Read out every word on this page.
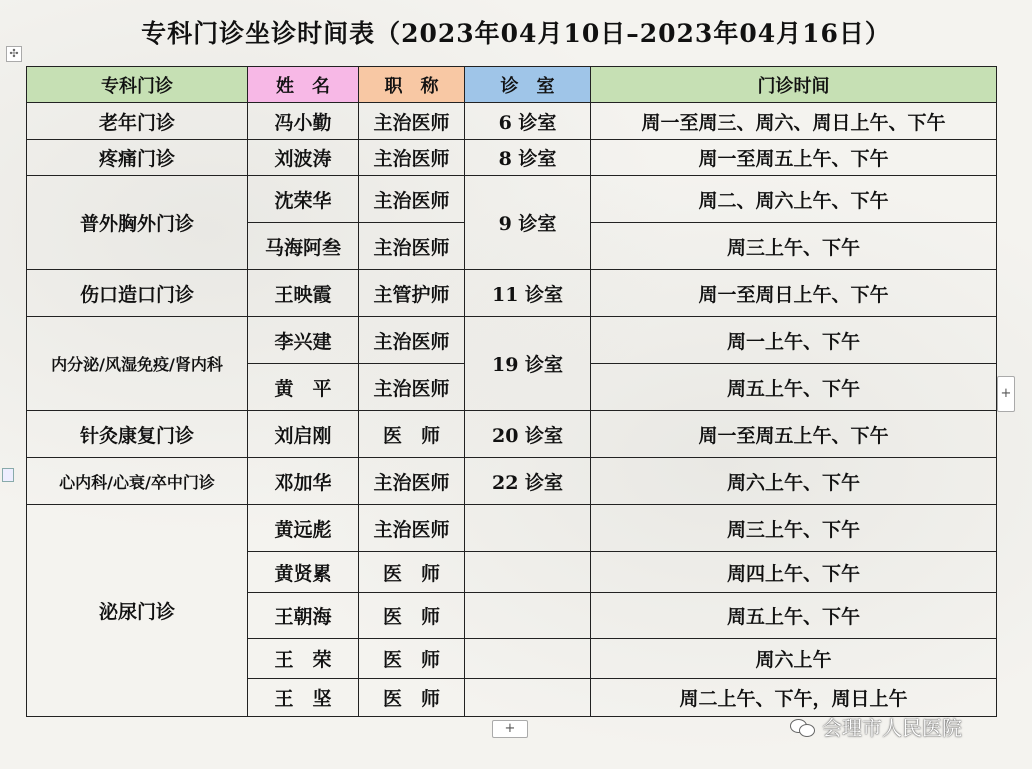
专科门诊坐诊时间表（2023年04月10日–2023年04月16日）
✣
专科门诊	姓　名	职　称	诊　室	门诊时间
老年门诊	冯小勤	主治医师	6 诊室	周一至周三、周六、周日上午、下午
疼痛门诊	刘波涛	主治医师	8 诊室	周一至周五上午、下午
普外胸外门诊	沈荣华	主治医师	9 诊室	周二、周六上午、下午
	马海阿叁	主治医师		周三上午、下午
伤口造口门诊	王映霞	主管护师	11 诊室	周一至周日上午、下午
内分泌/风湿免疫/肾内科	李兴建	主治医师	19 诊室	周一上午、下午
	黄　平	主治医师		周五上午、下午
针灸康复门诊	刘启刚	医　师	20 诊室	周一至周五上午、下午
心内科/心衰/卒中门诊	邓加华	主治医师	22 诊室	周六上午、下午
泌尿门诊	黄远彪	主治医师		周三上午、下午
	黄贤累	医　师		周四上午、下午
	王朝海	医　师		周五上午、下午
	王　荣	医　师		周六上午
	王　坚	医　师		周二上午、下午，周日上午
+
+	会理市人民医院
